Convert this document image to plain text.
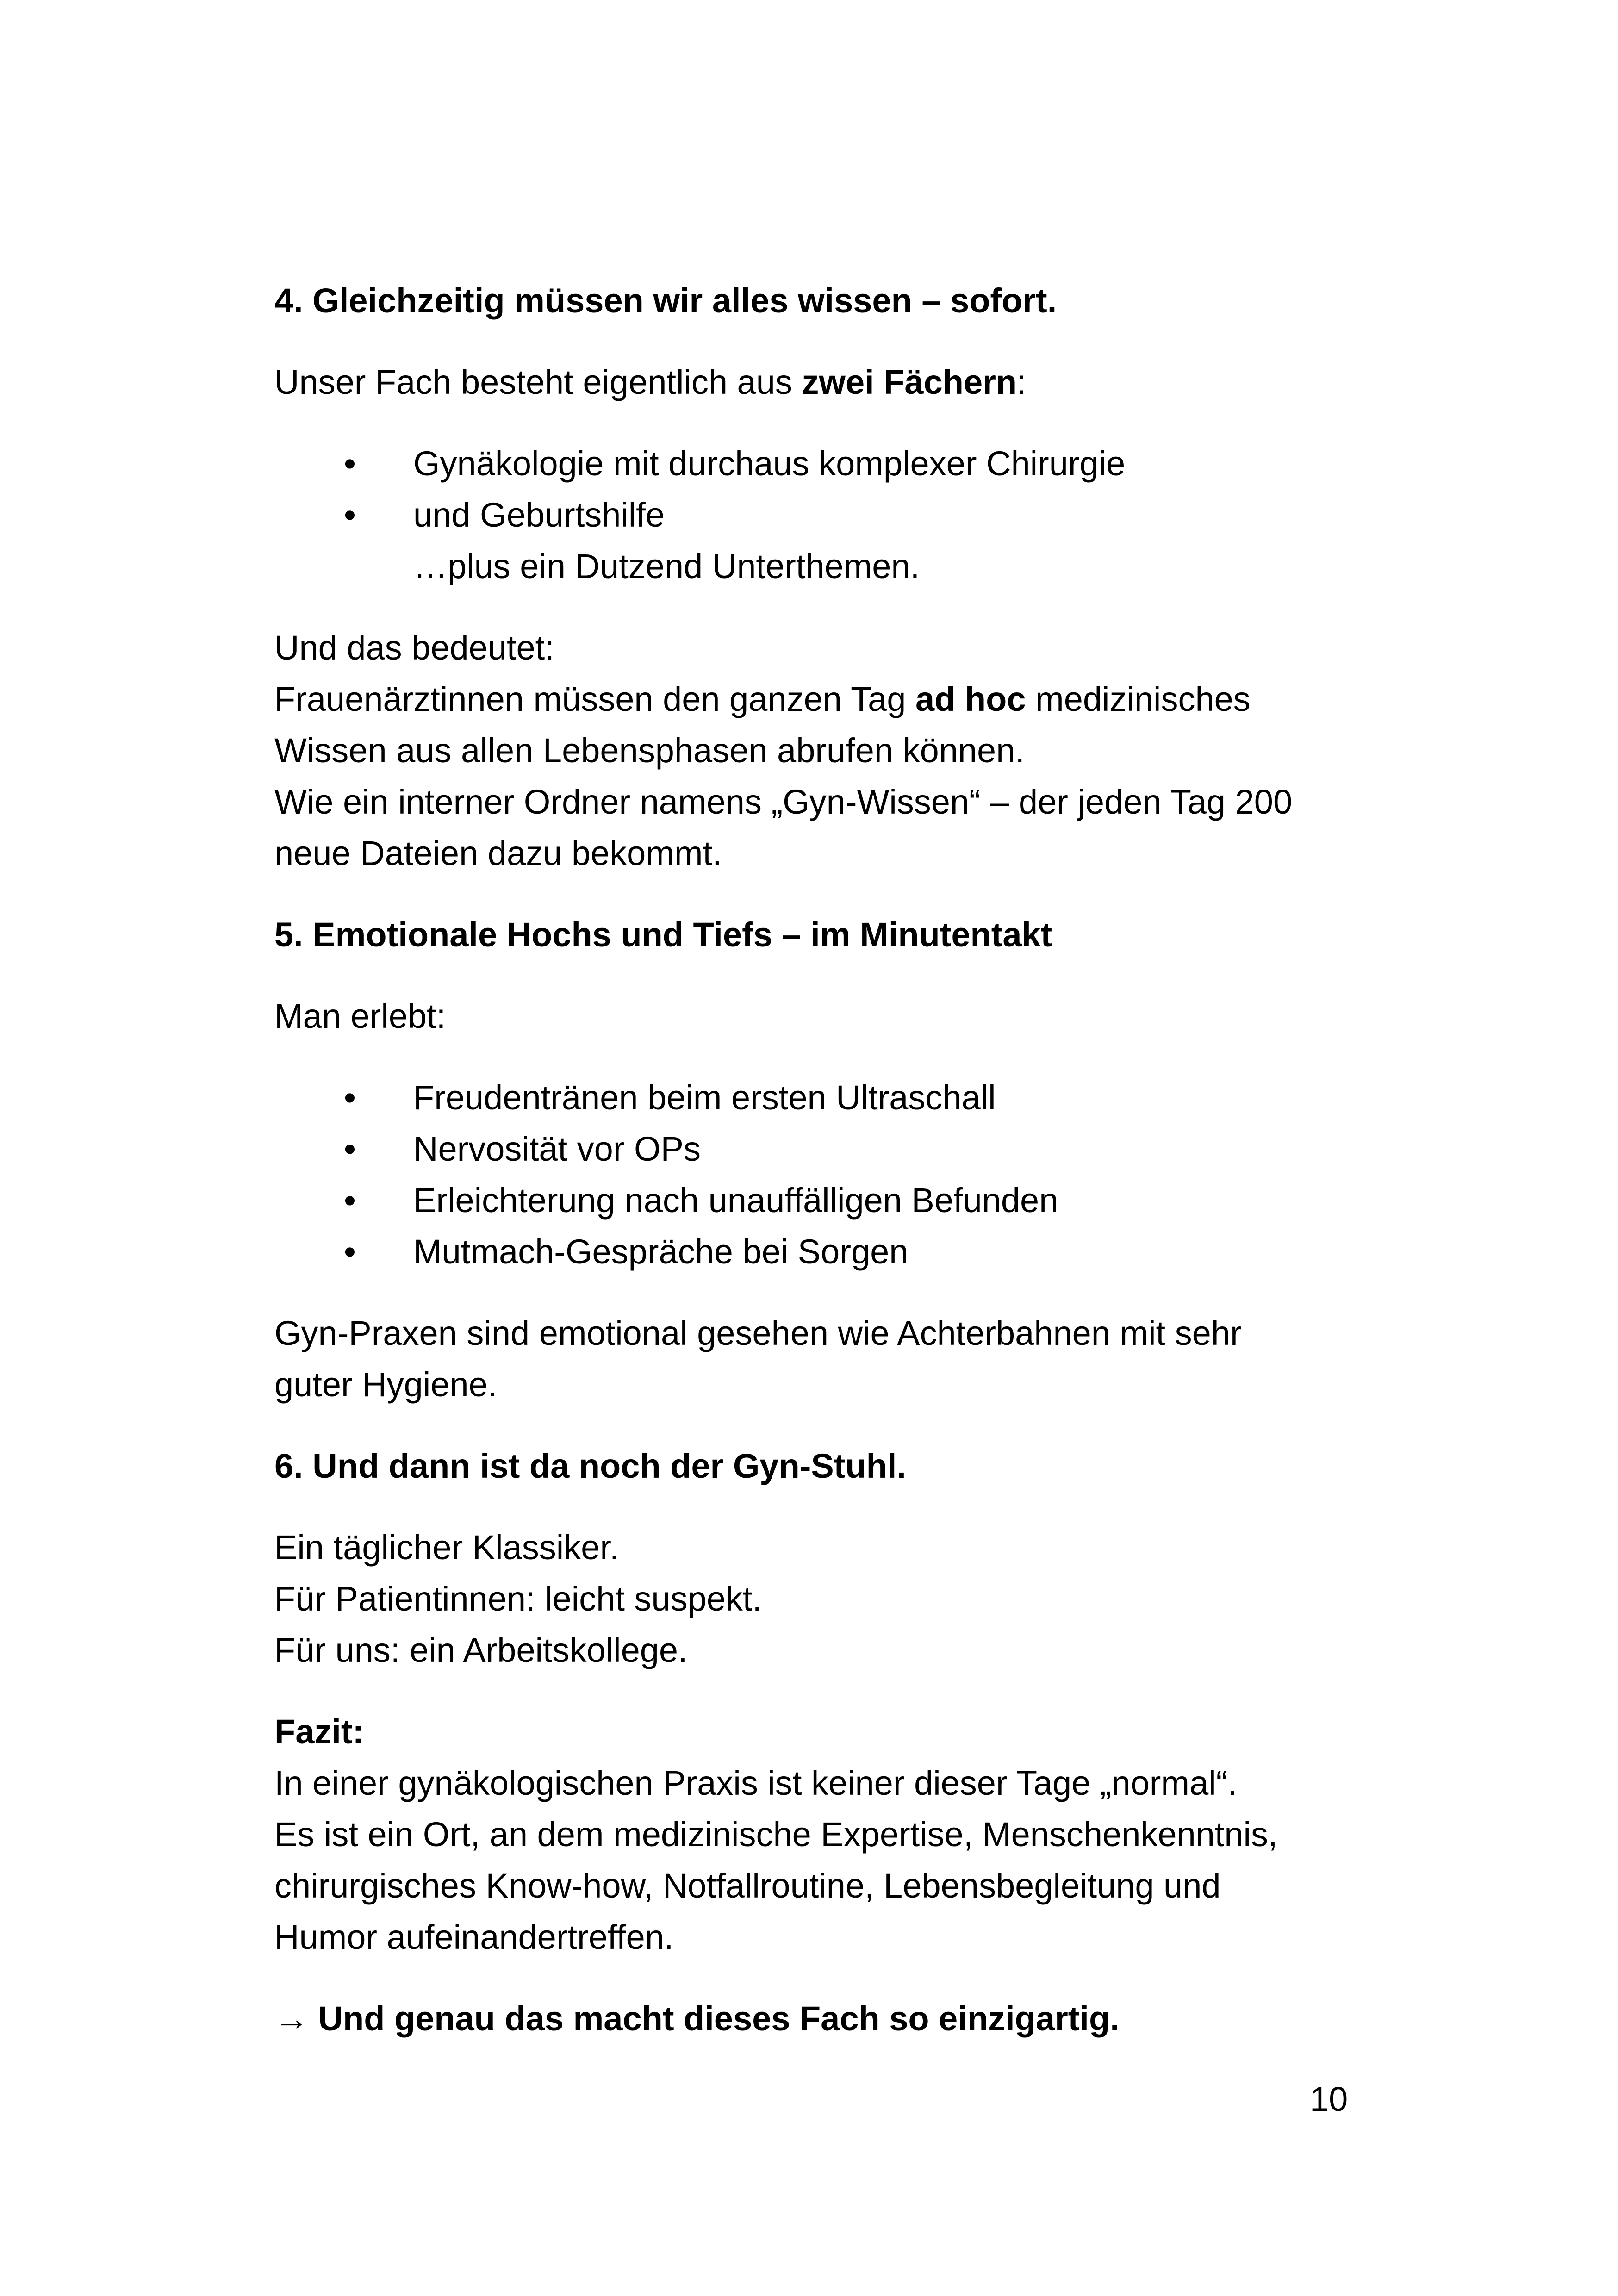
4. Gleichzeitig müssen wir alles wissen – sofort.

Unser Fach besteht eigentlich aus zwei Fächern:

•	Gynäkologie mit durchaus komplexer Chirurgie
•	und Geburtshilfe
…plus ein Dutzend Unterthemen.

Und das bedeutet:

Frauenärztinnen müssen den ganzen Tag ad hoc medizinisches

Wissen aus allen Lebensphasen abrufen können.

Wie ein interner Ordner namens „Gyn-Wissen“ – der jeden Tag 200

neue Dateien dazu bekommt.

5. Emotionale Hochs und Tiefs – im Minutentakt

Man erlebt:

•	Freudentränen beim ersten Ultraschall
•	Nervosität vor OPs
•	Erleichterung nach unauffälligen Befunden
•	Mutmach-Gespräche bei Sorgen

Gyn-Praxen sind emotional gesehen wie Achterbahnen mit sehr

guter Hygiene.

6. Und dann ist da noch der Gyn-Stuhl.

Ein täglicher Klassiker.

Für Patientinnen: leicht suspekt.

Für uns: ein Arbeitskollege.

Fazit:

In einer gynäkologischen Praxis ist keiner dieser Tage „normal“.

Es ist ein Ort, an dem medizinische Expertise, Menschenkenntnis,

chirurgisches Know-how, Notfallroutine, Lebensbegleitung und

Humor aufeinandertreffen.

→ Und genau das macht dieses Fach so einzigartig.

10
